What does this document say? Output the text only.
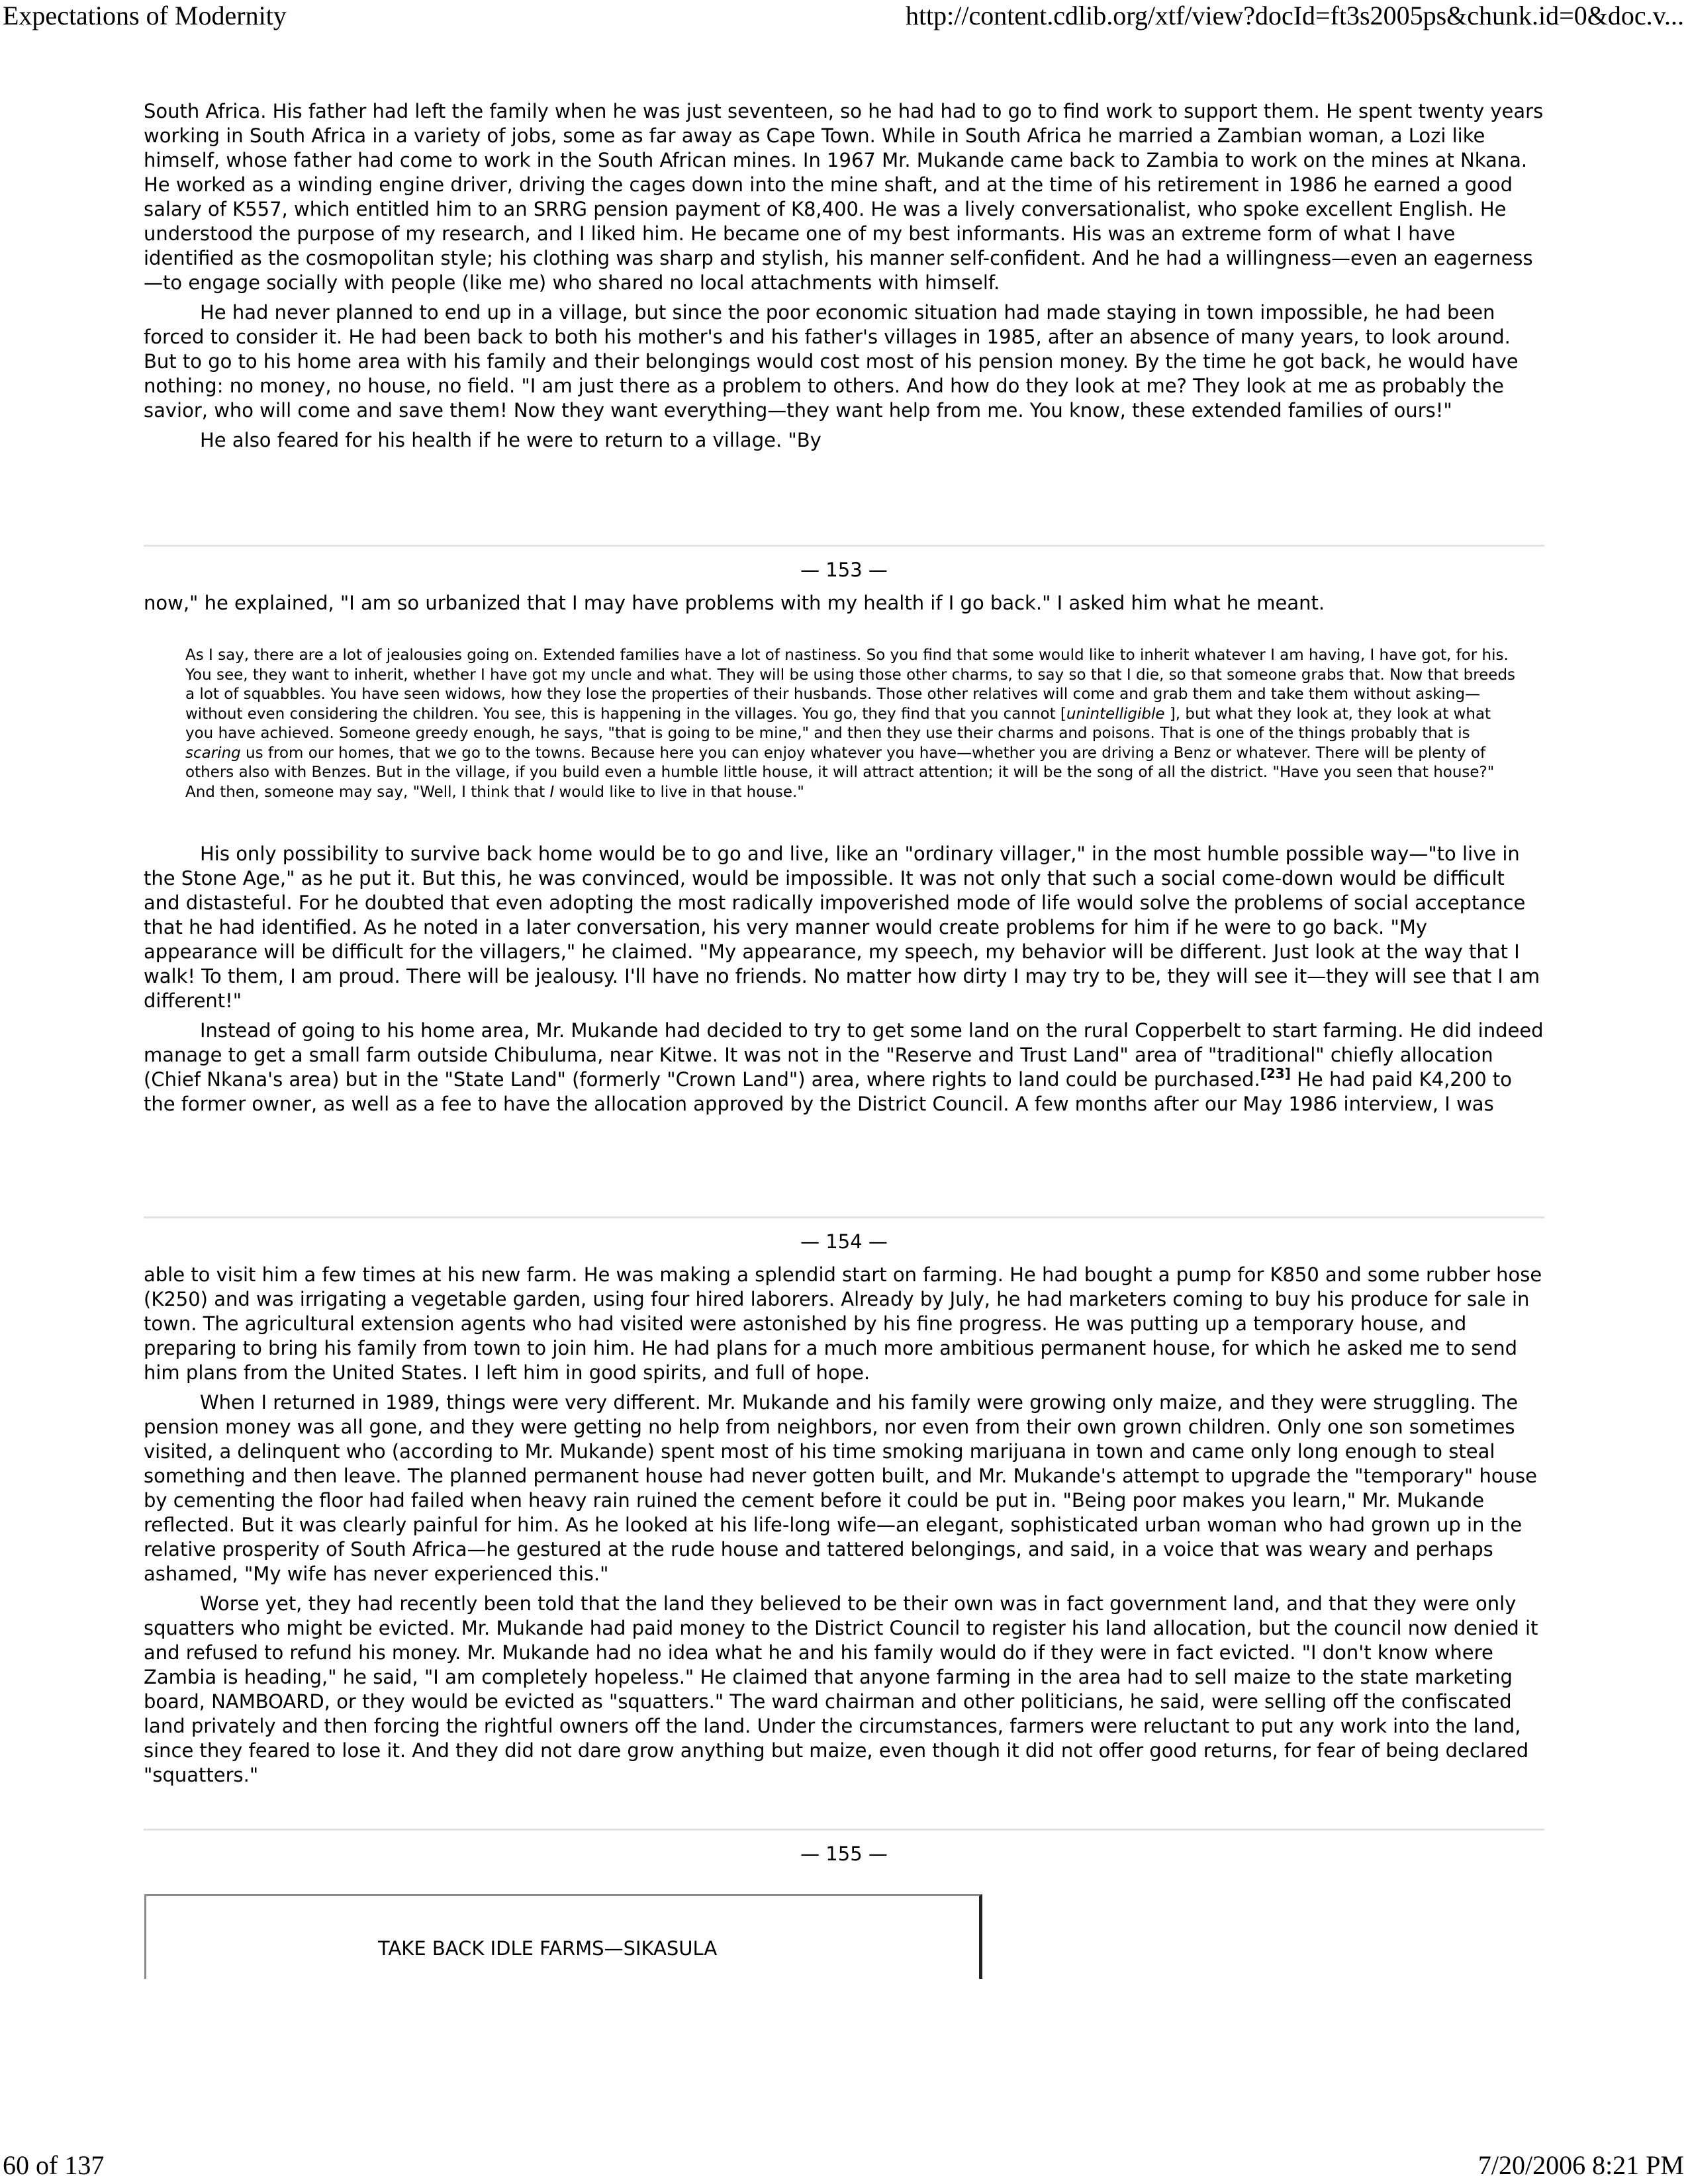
Expectations of Modernity	http://content.cdlib.org/xtf/view?docId=ft3s2005ps&chunk.id=0&doc.v...

South Africa. His father had left the family when he was just seventeen, so he had had to go to find work to support them. He spent twenty years working in South Africa in a variety of jobs, some as far away as Cape Town. While in South Africa he married a Zambian woman, a Lozi like himself, whose father had come to work in the South African mines. In 1967 Mr. Mukande came back to Zambia to work on the mines at Nkana. He worked as a winding engine driver, driving the cages down into the mine shaft, and at the time of his retirement in 1986 he earned a good salary of K557, which entitled him to an SRRG pension payment of K8,400. He was a lively conversationalist, who spoke excellent English. He understood the purpose of my research, and I liked him. He became one of my best informants. His was an extreme form of what I have identified as the cosmopolitan style; his clothing was sharp and stylish, his manner self-confident. And he had a willingness—even an eagerness—to engage socially with people (like me) who shared no local attachments with himself.

He had never planned to end up in a village, but since the poor economic situation had made staying in town impossible, he had been forced to consider it. He had been back to both his mother's and his father's villages in 1985, after an absence of many years, to look around. But to go to his home area with his family and their belongings would cost most of his pension money. By the time he got back, he would have nothing: no money, no house, no field. "I am just there as a problem to others. And how do they look at me? They look at me as probably the savior, who will come and save them! Now they want everything—they want help from me. You know, these extended families of ours!"

He also feared for his health if he were to return to a village. "By

— 153 —

now," he explained, "I am so urbanized that I may have problems with my health if I go back." I asked him what he meant.

As I say, there are a lot of jealousies going on. Extended families have a lot of nastiness. So you find that some would like to inherit whatever I am having, I have got, for his. You see, they want to inherit, whether I have got my uncle and what. They will be using those other charms, to say so that I die, so that someone grabs that. Now that breeds a lot of squabbles. You have seen widows, how they lose the properties of their husbands. Those other relatives will come and grab them and take them without asking—without even considering the children. You see, this is happening in the villages. You go, they find that you cannot [unintelligible ], but what they look at, they look at what you have achieved. Someone greedy enough, he says, "that is going to be mine," and then they use their charms and poisons. That is one of the things probably that is scaring us from our homes, that we go to the towns. Because here you can enjoy whatever you have—whether you are driving a Benz or whatever. There will be plenty of others also with Benzes. But in the village, if you build even a humble little house, it will attract attention; it will be the song of all the district. "Have you seen that house?" And then, someone may say, "Well, I think that I would like to live in that house."

His only possibility to survive back home would be to go and live, like an "ordinary villager," in the most humble possible way—"to live in the Stone Age," as he put it. But this, he was convinced, would be impossible. It was not only that such a social come-down would be difficult and distasteful. For he doubted that even adopting the most radically impoverished mode of life would solve the problems of social acceptance that he had identified. As he noted in a later conversation, his very manner would create problems for him if he were to go back. "My appearance will be difficult for the villagers," he claimed. "My appearance, my speech, my behavior will be different. Just look at the way that I walk! To them, I am proud. There will be jealousy. I'll have no friends. No matter how dirty I may try to be, they will see it—they will see that I am different!"

Instead of going to his home area, Mr. Mukande had decided to try to get some land on the rural Copperbelt to start farming. He did indeed manage to get a small farm outside Chibuluma, near Kitwe. It was not in the "Reserve and Trust Land" area of "traditional" chiefly allocation (Chief Nkana's area) but in the "State Land" (formerly "Crown Land") area, where rights to land could be purchased.[23] He had paid K4,200 to the former owner, as well as a fee to have the allocation approved by the District Council. A few months after our May 1986 interview, I was

— 154 —

able to visit him a few times at his new farm. He was making a splendid start on farming. He had bought a pump for K850 and some rubber hose (K250) and was irrigating a vegetable garden, using four hired laborers. Already by July, he had marketers coming to buy his produce for sale in town. The agricultural extension agents who had visited were astonished by his fine progress. He was putting up a temporary house, and preparing to bring his family from town to join him. He had plans for a much more ambitious permanent house, for which he asked me to send him plans from the United States. I left him in good spirits, and full of hope.

When I returned in 1989, things were very different. Mr. Mukande and his family were growing only maize, and they were struggling. The pension money was all gone, and they were getting no help from neighbors, nor even from their own grown children. Only one son sometimes visited, a delinquent who (according to Mr. Mukande) spent most of his time smoking marijuana in town and came only long enough to steal something and then leave. The planned permanent house had never gotten built, and Mr. Mukande's attempt to upgrade the "temporary" house by cementing the floor had failed when heavy rain ruined the cement before it could be put in. "Being poor makes you learn," Mr. Mukande reflected. But it was clearly painful for him. As he looked at his life-long wife—an elegant, sophisticated urban woman who had grown up in the relative prosperity of South Africa—he gestured at the rude house and tattered belongings, and said, in a voice that was weary and perhaps ashamed, "My wife has never experienced this."

Worse yet, they had recently been told that the land they believed to be their own was in fact government land, and that they were only squatters who might be evicted. Mr. Mukande had paid money to the District Council to register his land allocation, but the council now denied it and refused to refund his money. Mr. Mukande had no idea what he and his family would do if they were in fact evicted. "I don't know where Zambia is heading," he said, "I am completely hopeless." He claimed that anyone farming in the area had to sell maize to the state marketing board, NAMBOARD, or they would be evicted as "squatters." The ward chairman and other politicians, he said, were selling off the confiscated land privately and then forcing the rightful owners off the land. Under the circumstances, farmers were reluctant to put any work into the land, since they feared to lose it. And they did not dare grow anything but maize, even though it did not offer good returns, for fear of being declared "squatters."

— 155 —

TAKE BACK IDLE FARMS—SIKASULA
60 of 137	7/20/2006 8:21 PM
